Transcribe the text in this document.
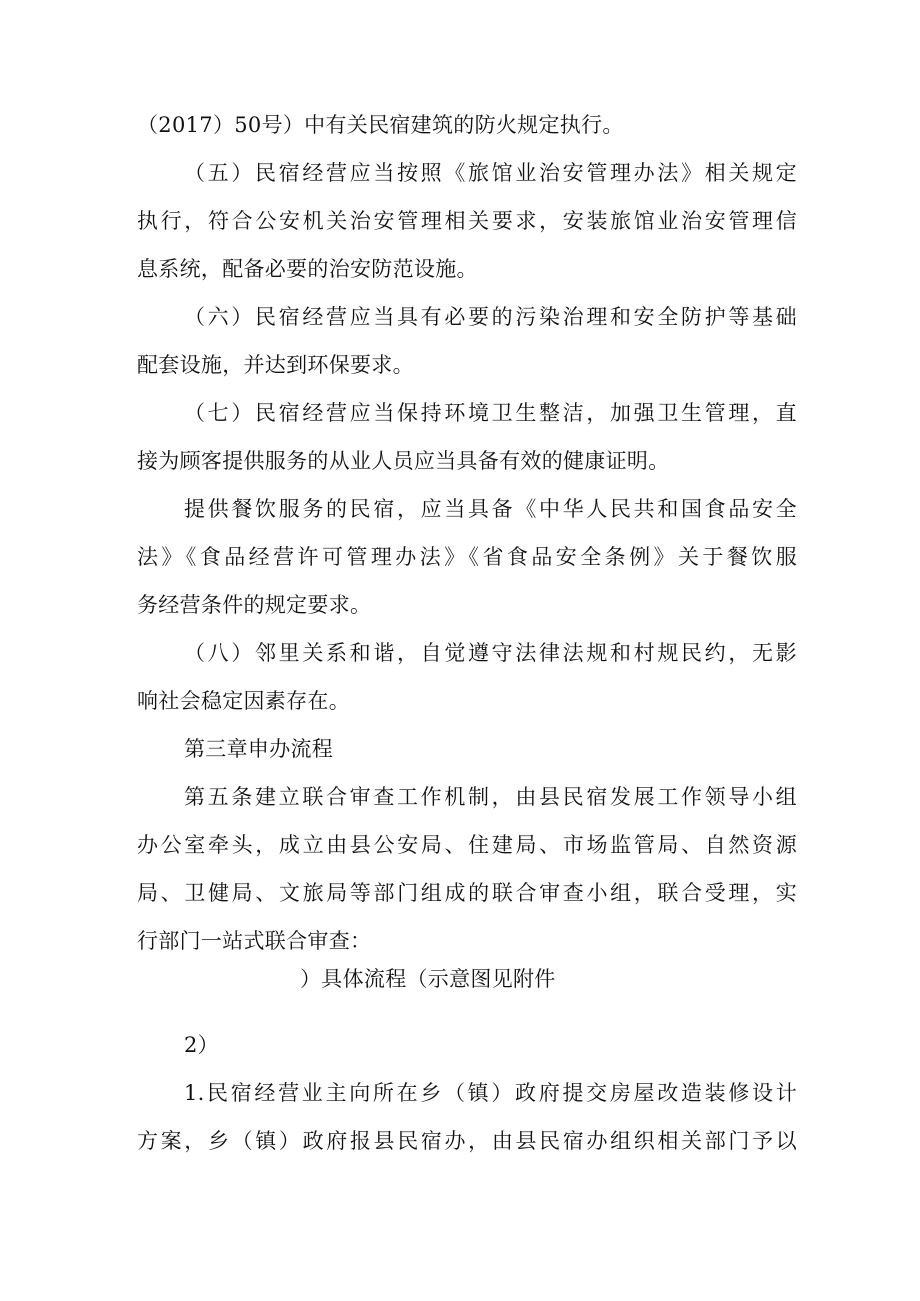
（2017）50号）中有关民宿建筑的防火规定执行。
（五）民宿经营应当按照《旅馆业治安管理办法》相关规定
执行，符合公安机关治安管理相关要求，安装旅馆业治安管理信
息系统，配备必要的治安防范设施。
（六）民宿经营应当具有必要的污染治理和安全防护等基础
配套设施，并达到环保要求。
（七）民宿经营应当保持环境卫生整洁，加强卫生管理，直
接为顾客提供服务的从业人员应当具备有效的健康证明。
提供餐饮服务的民宿，应当具备《中华人民共和国食品安全
法》《食品经营许可管理办法》《省食品安全条例》关于餐饮服
务经营条件的规定要求。
（八）邻里关系和谐，自觉遵守法律法规和村规民约，无影
响社会稳定因素存在。
第三章申办流程
第五条建立联合审查工作机制，由县民宿发展工作领导小组
办公室牵头，成立由县公安局、住建局、市场监管局、自然资源
局、卫健局、文旅局等部门组成的联合审查小组，联合受理，实
行部门一站式联合审查：
）具体流程（示意图见附件
2）
1.民宿经营业主向所在乡（镇）政府提交房屋改造装修设计
方案，乡（镇）政府报县民宿办，由县民宿办组织相关部门予以
